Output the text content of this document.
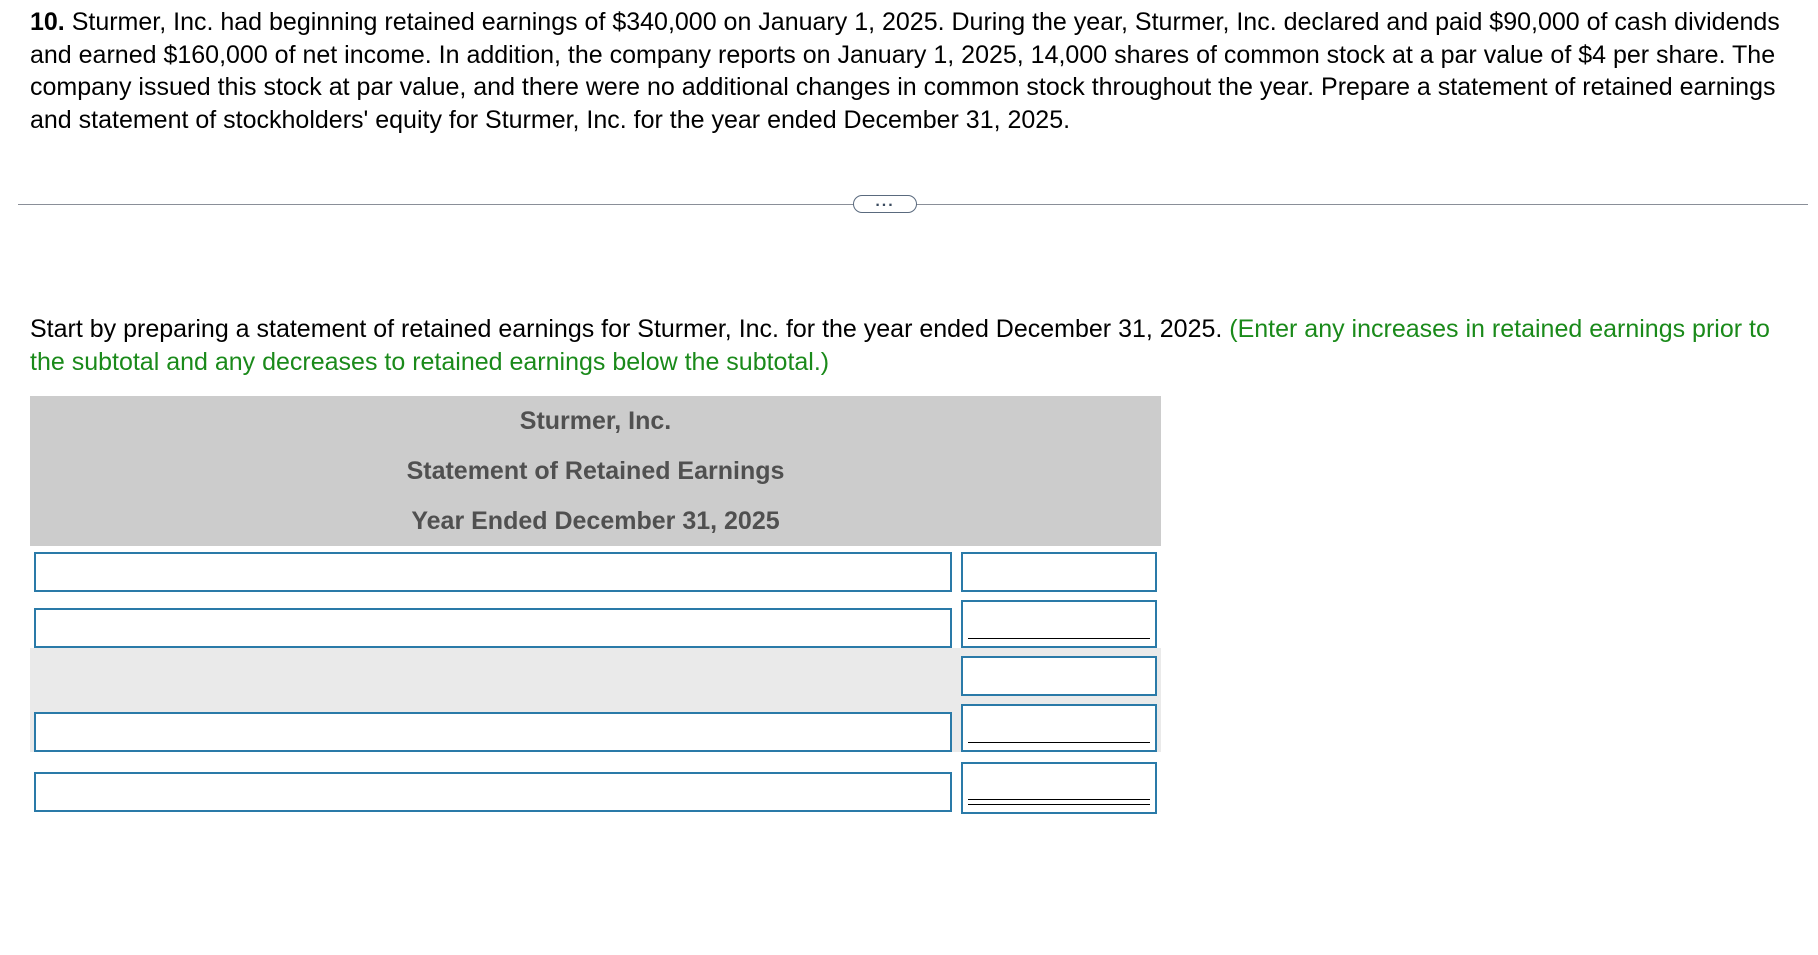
10. Sturmer, Inc. had beginning retained earnings of $340,000 on January 1, 2025. During the year, Sturmer, Inc. declared and paid $90,000 of cash dividends and earned $160,000 of net income. In addition, the company reports on January 1, 2025, 14,000 shares of common stock at a par value of $4 per share. The company issued this stock at par value, and there were no additional changes in common stock throughout the year. Prepare a statement of retained earnings and statement of stockholders' equity for Sturmer, Inc. for the year ended December 31, 2025.
...
Start by preparing a statement of retained earnings for Sturmer, Inc. for the year ended December 31, 2025. (Enter any increases in retained earnings prior to the subtotal and any decreases to retained earnings below the subtotal.)
Sturmer, Inc.
Statement of Retained Earnings
Year Ended December 31, 2025
